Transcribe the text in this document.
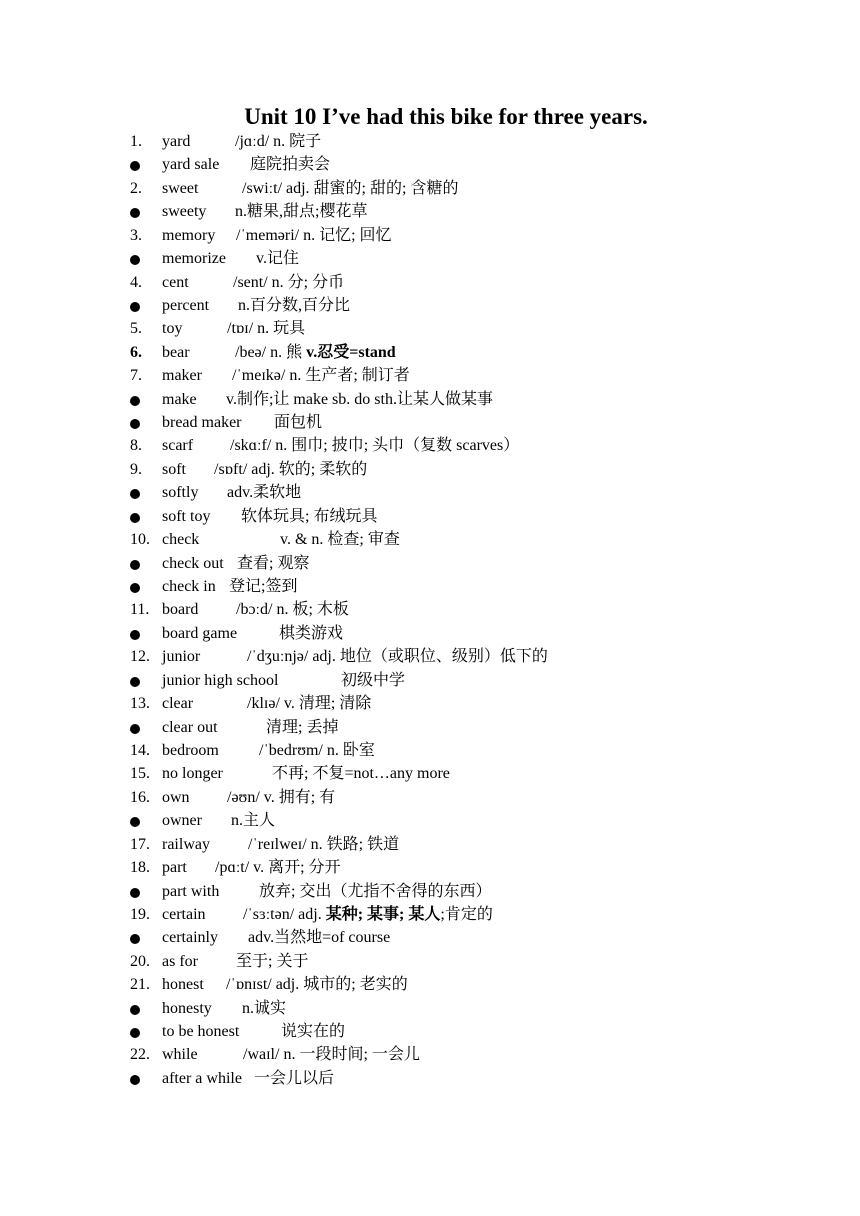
Unit 10 I’ve had this bike for three years.
1. yard	/jɑːd/ n. 院子
yard sale 庭院拍卖会
2. sweet	/swiːt/ adj. 甜蜜的; 甜的; 含糖的
sweety n.糖果,甜点;樱花草
3. memory /ˈmeməri/ n. 记忆; 回忆
memorize v.记住
4. cent	/sent/ n. 分; 分币
percent n.百分数,百分比
5. toy	/tɒɪ/ n. 玩具
6. bear	/beə/ n. 熊 v.忍受=stand
7. maker /ˈmeɪkə/ n. 生产者; 制订者
make v.制作;让 make sb. do sth.让某人做某事
bread maker 面包机
8. scarf /skɑːf/ n. 围巾; 披巾; 头巾（复数 scarves）
9. soft /sɒft/ adj. 软的; 柔软的
softly adv.柔软地
soft toy 软体玩具; 布绒玩具
10. check	v. & n. 检查; 审查
check out 查看; 观察
check in 登记;签到
11. board /bɔːd/ n. 板; 木板
board game	棋类游戏
12. junior	/ˈdʒuːnjə/ adj. 地位（或职位、级别）低下的
junior high school	初级中学
13. clear	/klɪə/ v. 清理; 清除
clear out	清理; 丢掉
14. bedroom	/ˈbedrʊm/ n. 卧室
15. no longer	不再; 不复=not…any more
16. own /əʊn/ v. 拥有; 有
owner n.主人
17. railway /ˈreɪlweɪ/ n. 铁路; 铁道
18. part /pɑːt/ v. 离开; 分开
part with 放弃; 交出（尤指不舍得的东西）
19. certain /ˈsɜːtən/ adj. 某种; 某事; 某人;肯定的
certainly adv.当然地=of course
20. as for 至于; 关于
21. honest /ˈɒnɪst/ adj. 城市的; 老实的
honesty n.诚实
to be honest	说实在的
22. while	/waɪl/ n. 一段时间; 一会儿
after a while 一会儿以后
